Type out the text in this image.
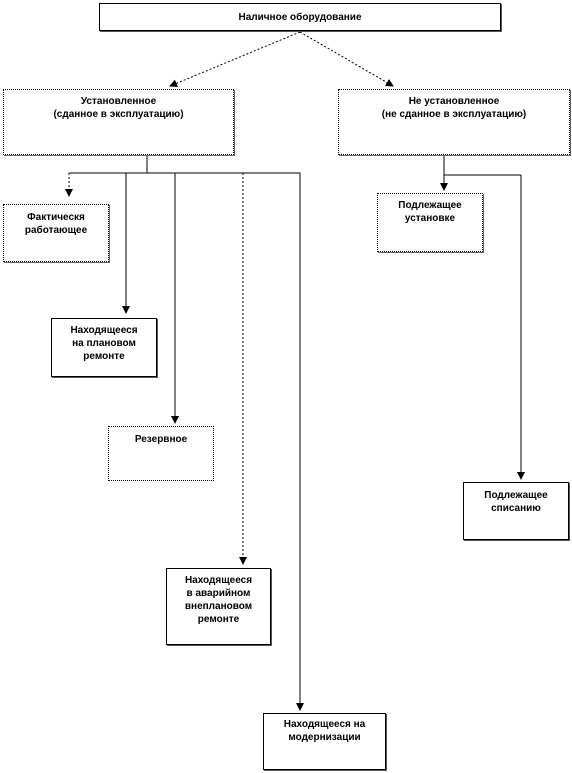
Наличное оборудование
Установленное
(сданное в эксплуатацию)
Не установленное
(не сданное в эксплуатацию)
Фактическя
работающее
Находящееся
на плановом
ремонте
Резервное
Находящееся
в аварийном
внеплановом
ремонте
Находящееся на
модернизации
Подлежащее
установке
Подлежащее
списанию
